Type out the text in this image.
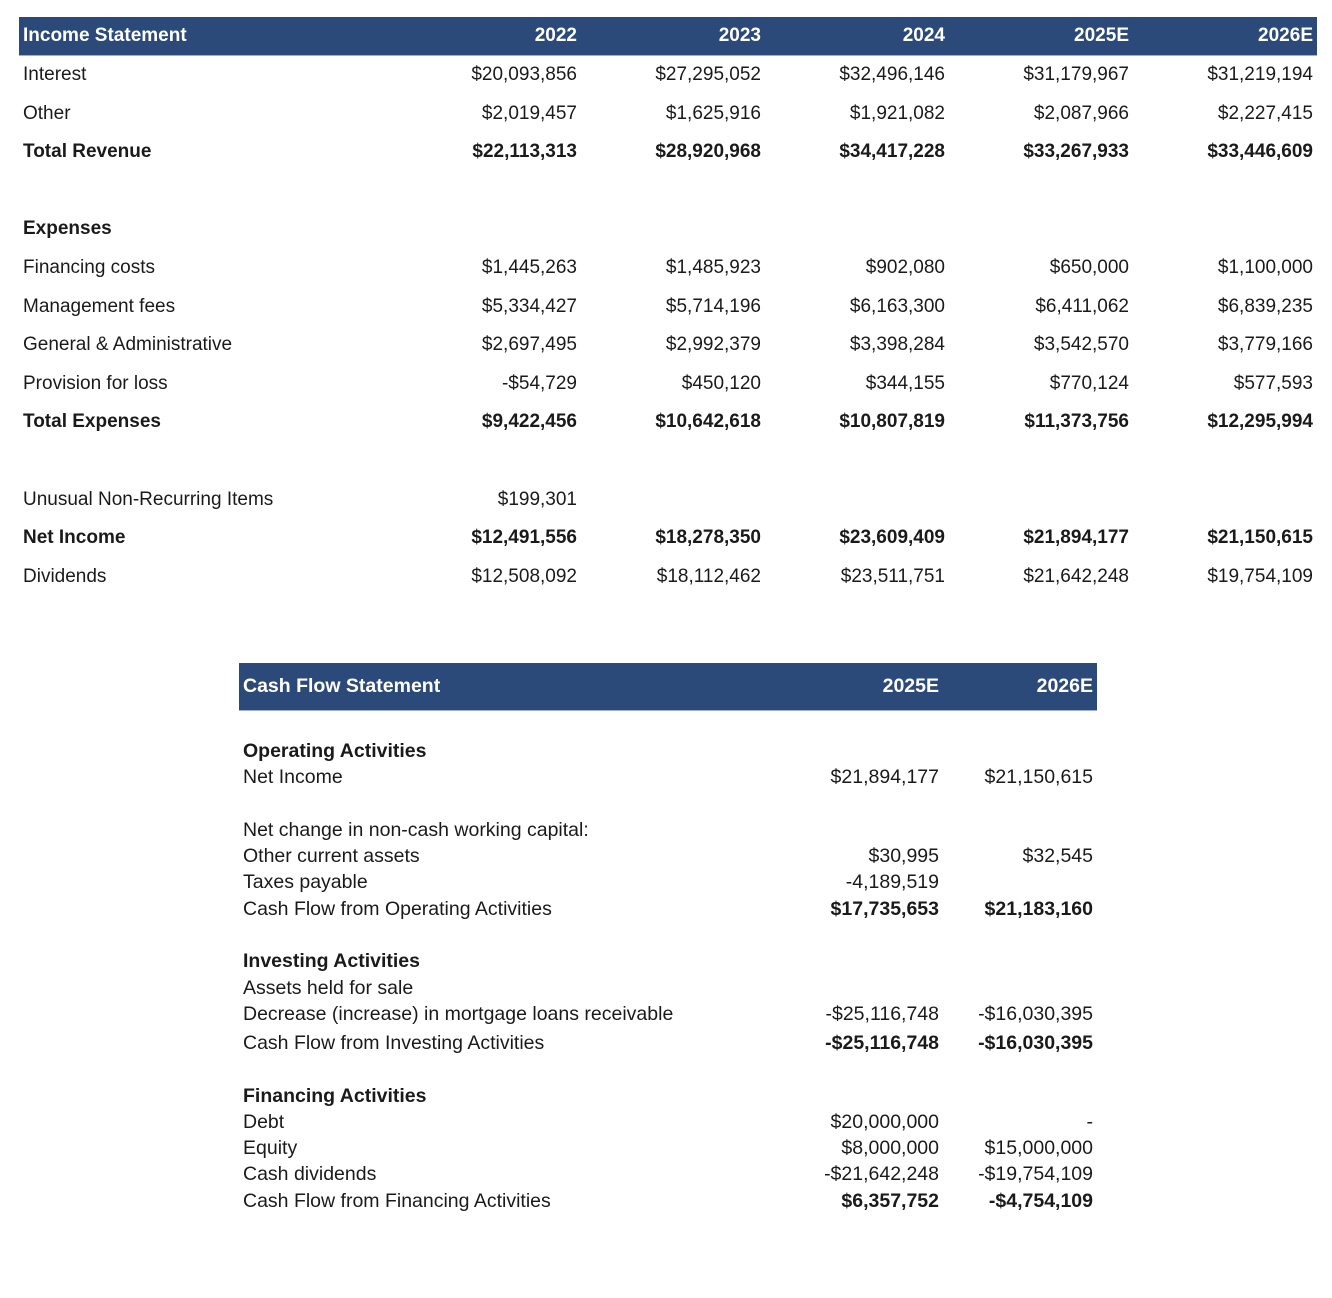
Income Statement	2022	2023	2024	2025E	2026E
Interest	$20,093,856	$27,295,052	$32,496,146	$31,179,967	$31,219,194
Other	$2,019,457	$1,625,916	$1,921,082	$2,087,966	$2,227,415
Total Revenue	$22,113,313	$28,920,968	$34,417,228	$33,267,933	$33,446,609
Expenses
Financing costs	$1,445,263	$1,485,923	$902,080	$650,000	$1,100,000
Management fees	$5,334,427	$5,714,196	$6,163,300	$6,411,062	$6,839,235
General & Administrative	$2,697,495	$2,992,379	$3,398,284	$3,542,570	$3,779,166
Provision for loss	-$54,729	$450,120	$344,155	$770,124	$577,593
Total Expenses	$9,422,456	$10,642,618	$10,807,819	$11,373,756	$12,295,994
Unusual Non-Recurring Items	$199,301
Net Income	$12,491,556	$18,278,350	$23,609,409	$21,894,177	$21,150,615
Dividends	$12,508,092	$18,112,462	$23,511,751	$21,642,248	$19,754,109
Cash Flow Statement	2025E	2026E
Operating Activities
Net Income	$21,894,177	$21,150,615
Net change in non-cash working capital:
Other current assets	$30,995	$32,545
Taxes payable	-4,189,519
Cash Flow from Operating Activities	$17,735,653	$21,183,160
Investing Activities
Assets held for sale
Decrease (increase) in mortgage loans receivable	-$25,116,748	-$16,030,395
Cash Flow from Investing Activities	-$25,116,748	-$16,030,395
Financing Activities
Debt	$20,000,000	-
Equity	$8,000,000	$15,000,000
Cash dividends	-$21,642,248	-$19,754,109
Cash Flow from Financing Activities	$6,357,752	-$4,754,109
